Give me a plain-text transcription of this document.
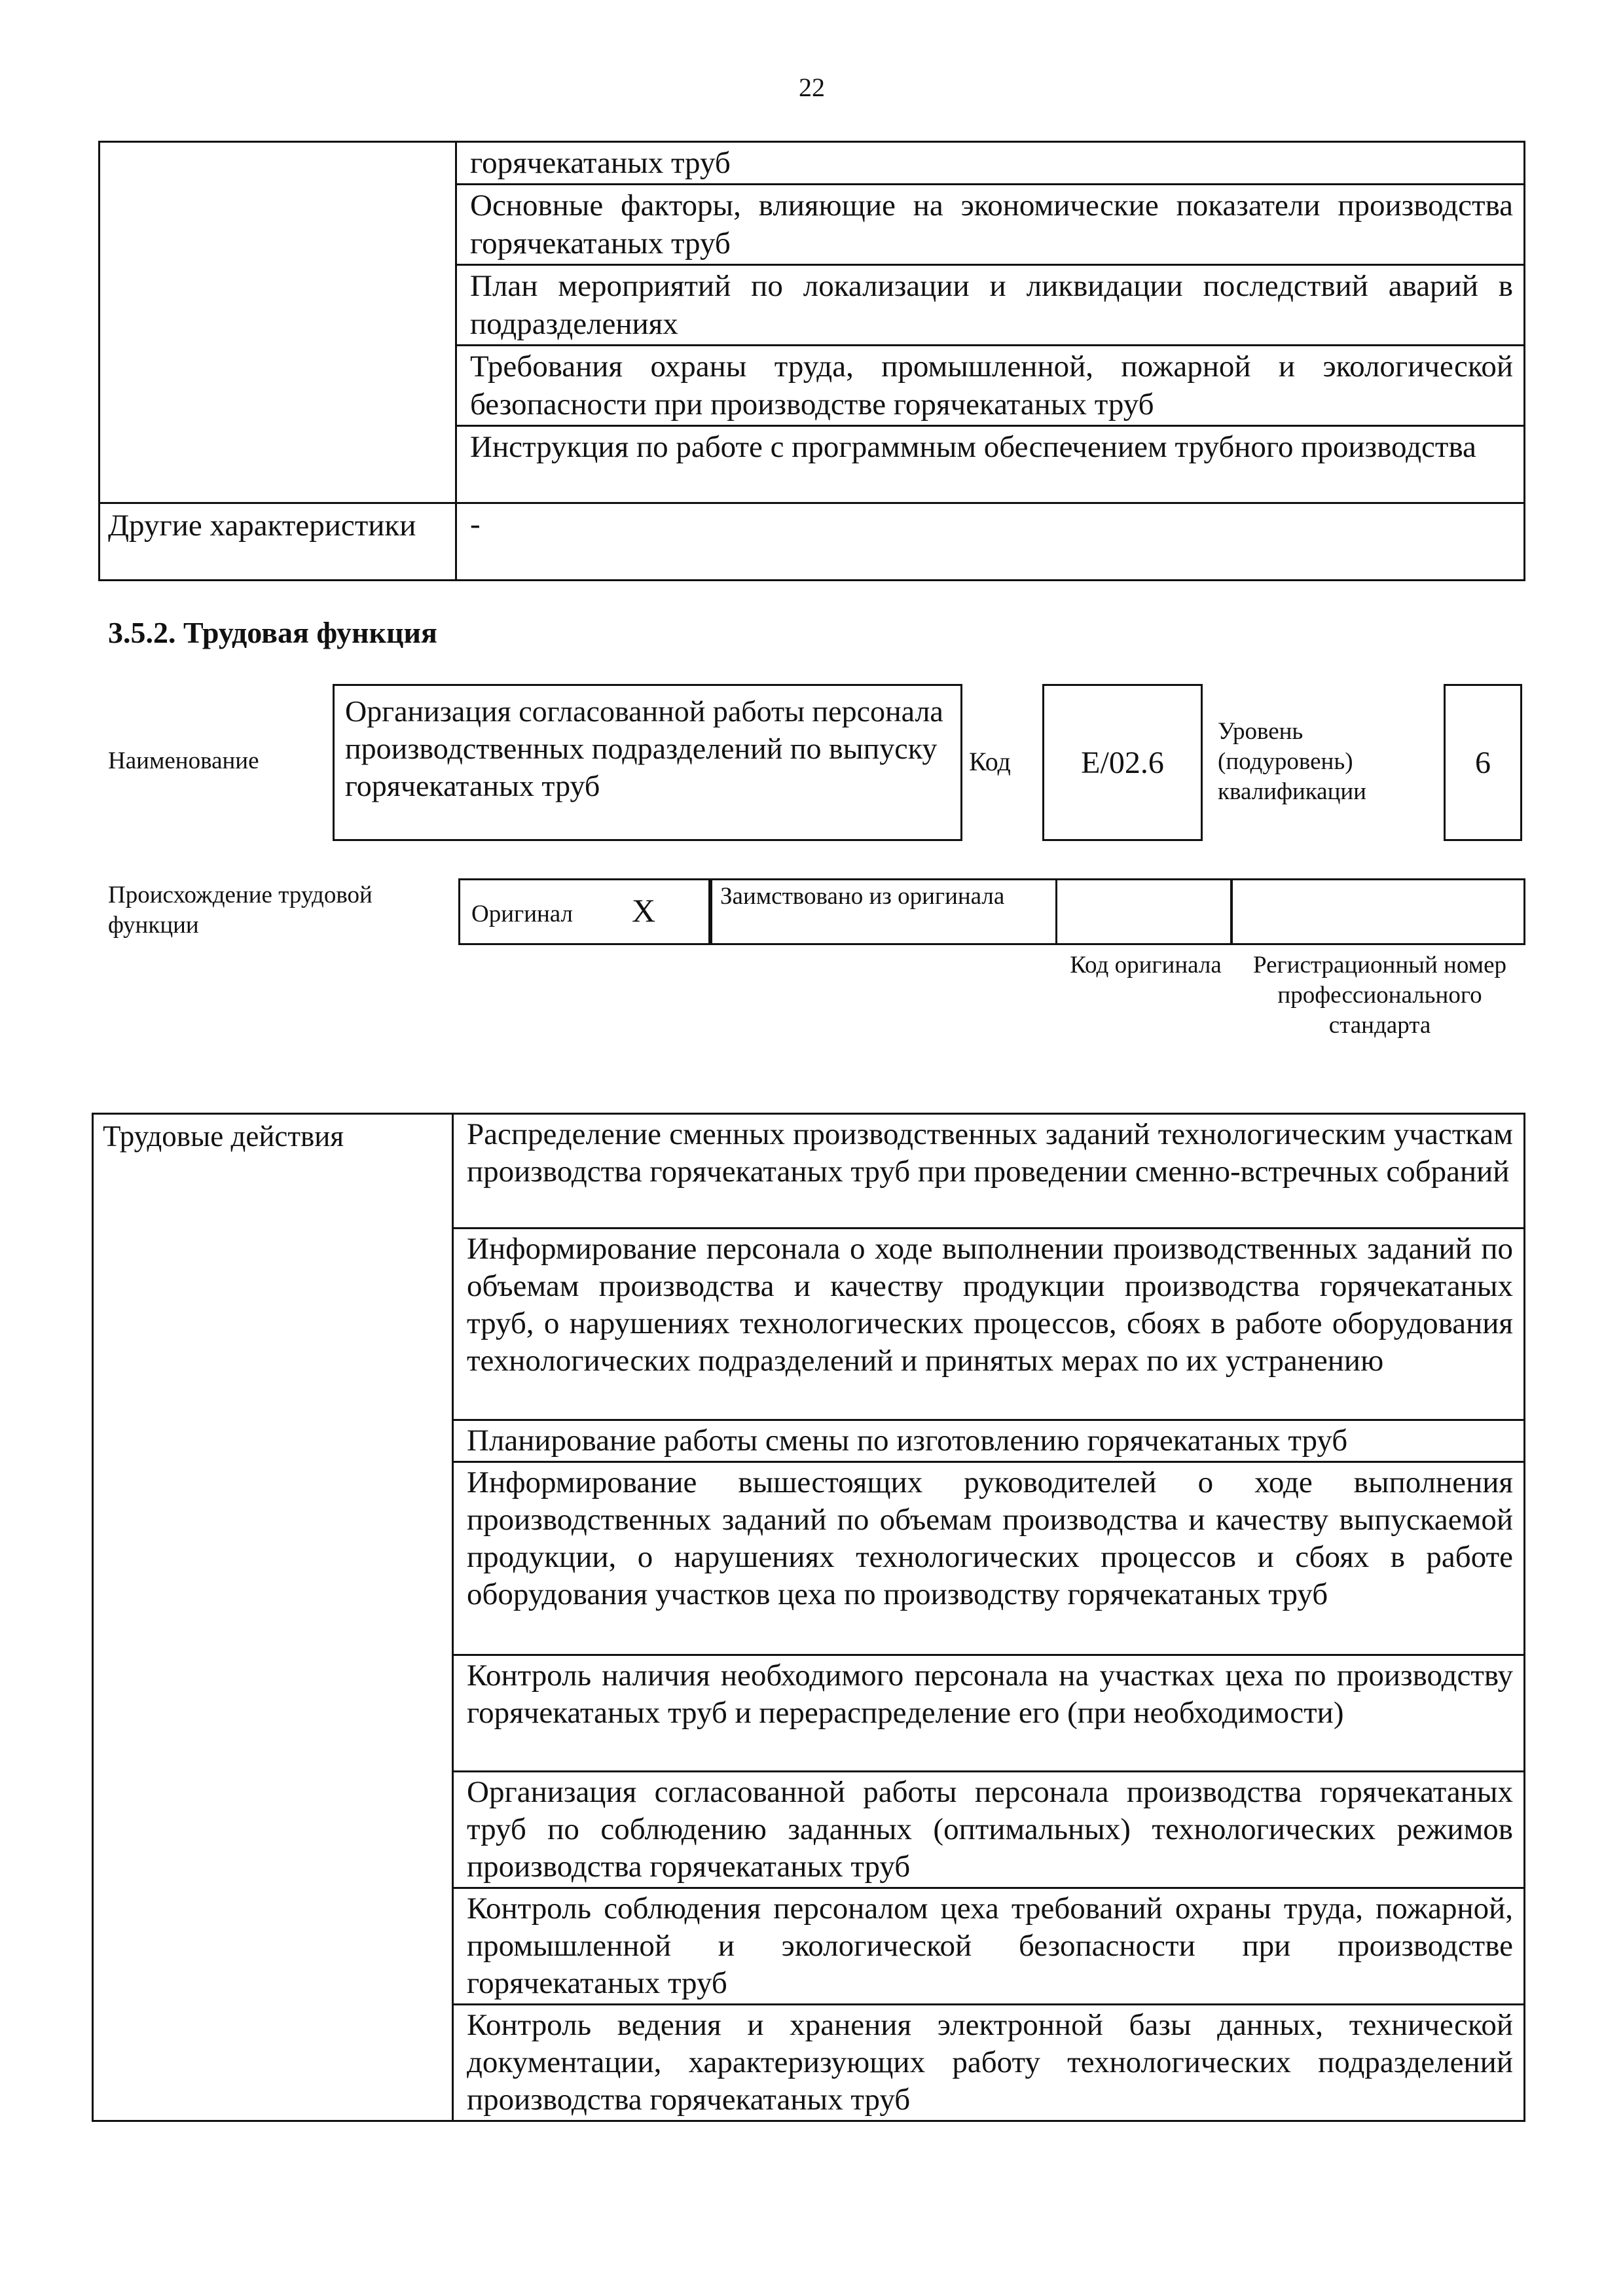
22
	горячекатаных труб
	Основные факторы, влияющие на экономические показатели производства горячекатаных труб
	План мероприятий по локализации и ликвидации последствий аварий в подразделениях
	Требования охраны труда, промышленной, пожарной и экологической безопасности при производстве горячекатаных труб
	Инструкция по работе с программным обеспечением трубного производства
Другие характеристики	-
3.5.2. Трудовая функция
Наименование
Организация согласованной работы персонала производственных подразделений по выпуску горячекатаных труб
Код	E/02.6
Уровень (подуровень) квалификации
6
Происхождение трудовой функции	Оригинал X	Заимствовано из оригинала
Код оригинала	Регистрационный номер профессионального стандарта
Трудовые действия	Распределение сменных производственных заданий технологическим участкам производства горячекатаных труб при проведении сменно-встречных собраний
Информирование персонала о ходе выполнении производственных заданий по объемам производства и качеству продукции производства горячекатаных труб, о нарушениях технологических процессов, сбоях в работе оборудования технологических подразделений и принятых мерах по их устранению
Планирование работы смены по изготовлению горячекатаных труб
Информирование вышестоящих руководителей о ходе выполнения производственных заданий по объемам производства и качеству выпускаемой продукции, о нарушениях технологических процессов и сбоях в работе оборудования участков цеха по производству горячекатаных труб
Контроль наличия необходимого персонала на участках цеха по производству горячекатаных труб и перераспределение его (при необходимости)
Организация согласованной работы персонала производства горячекатаных труб по соблюдению заданных (оптимальных) технологических режимов производства горячекатаных труб
Контроль соблюдения персоналом цеха требований охраны труда, пожарной, промышленной и экологической безопасности при производстве горячекатаных труб
Контроль ведения и хранения электронной базы данных, технической документации, характеризующих работу технологических подразделений производства горячекатаных труб
